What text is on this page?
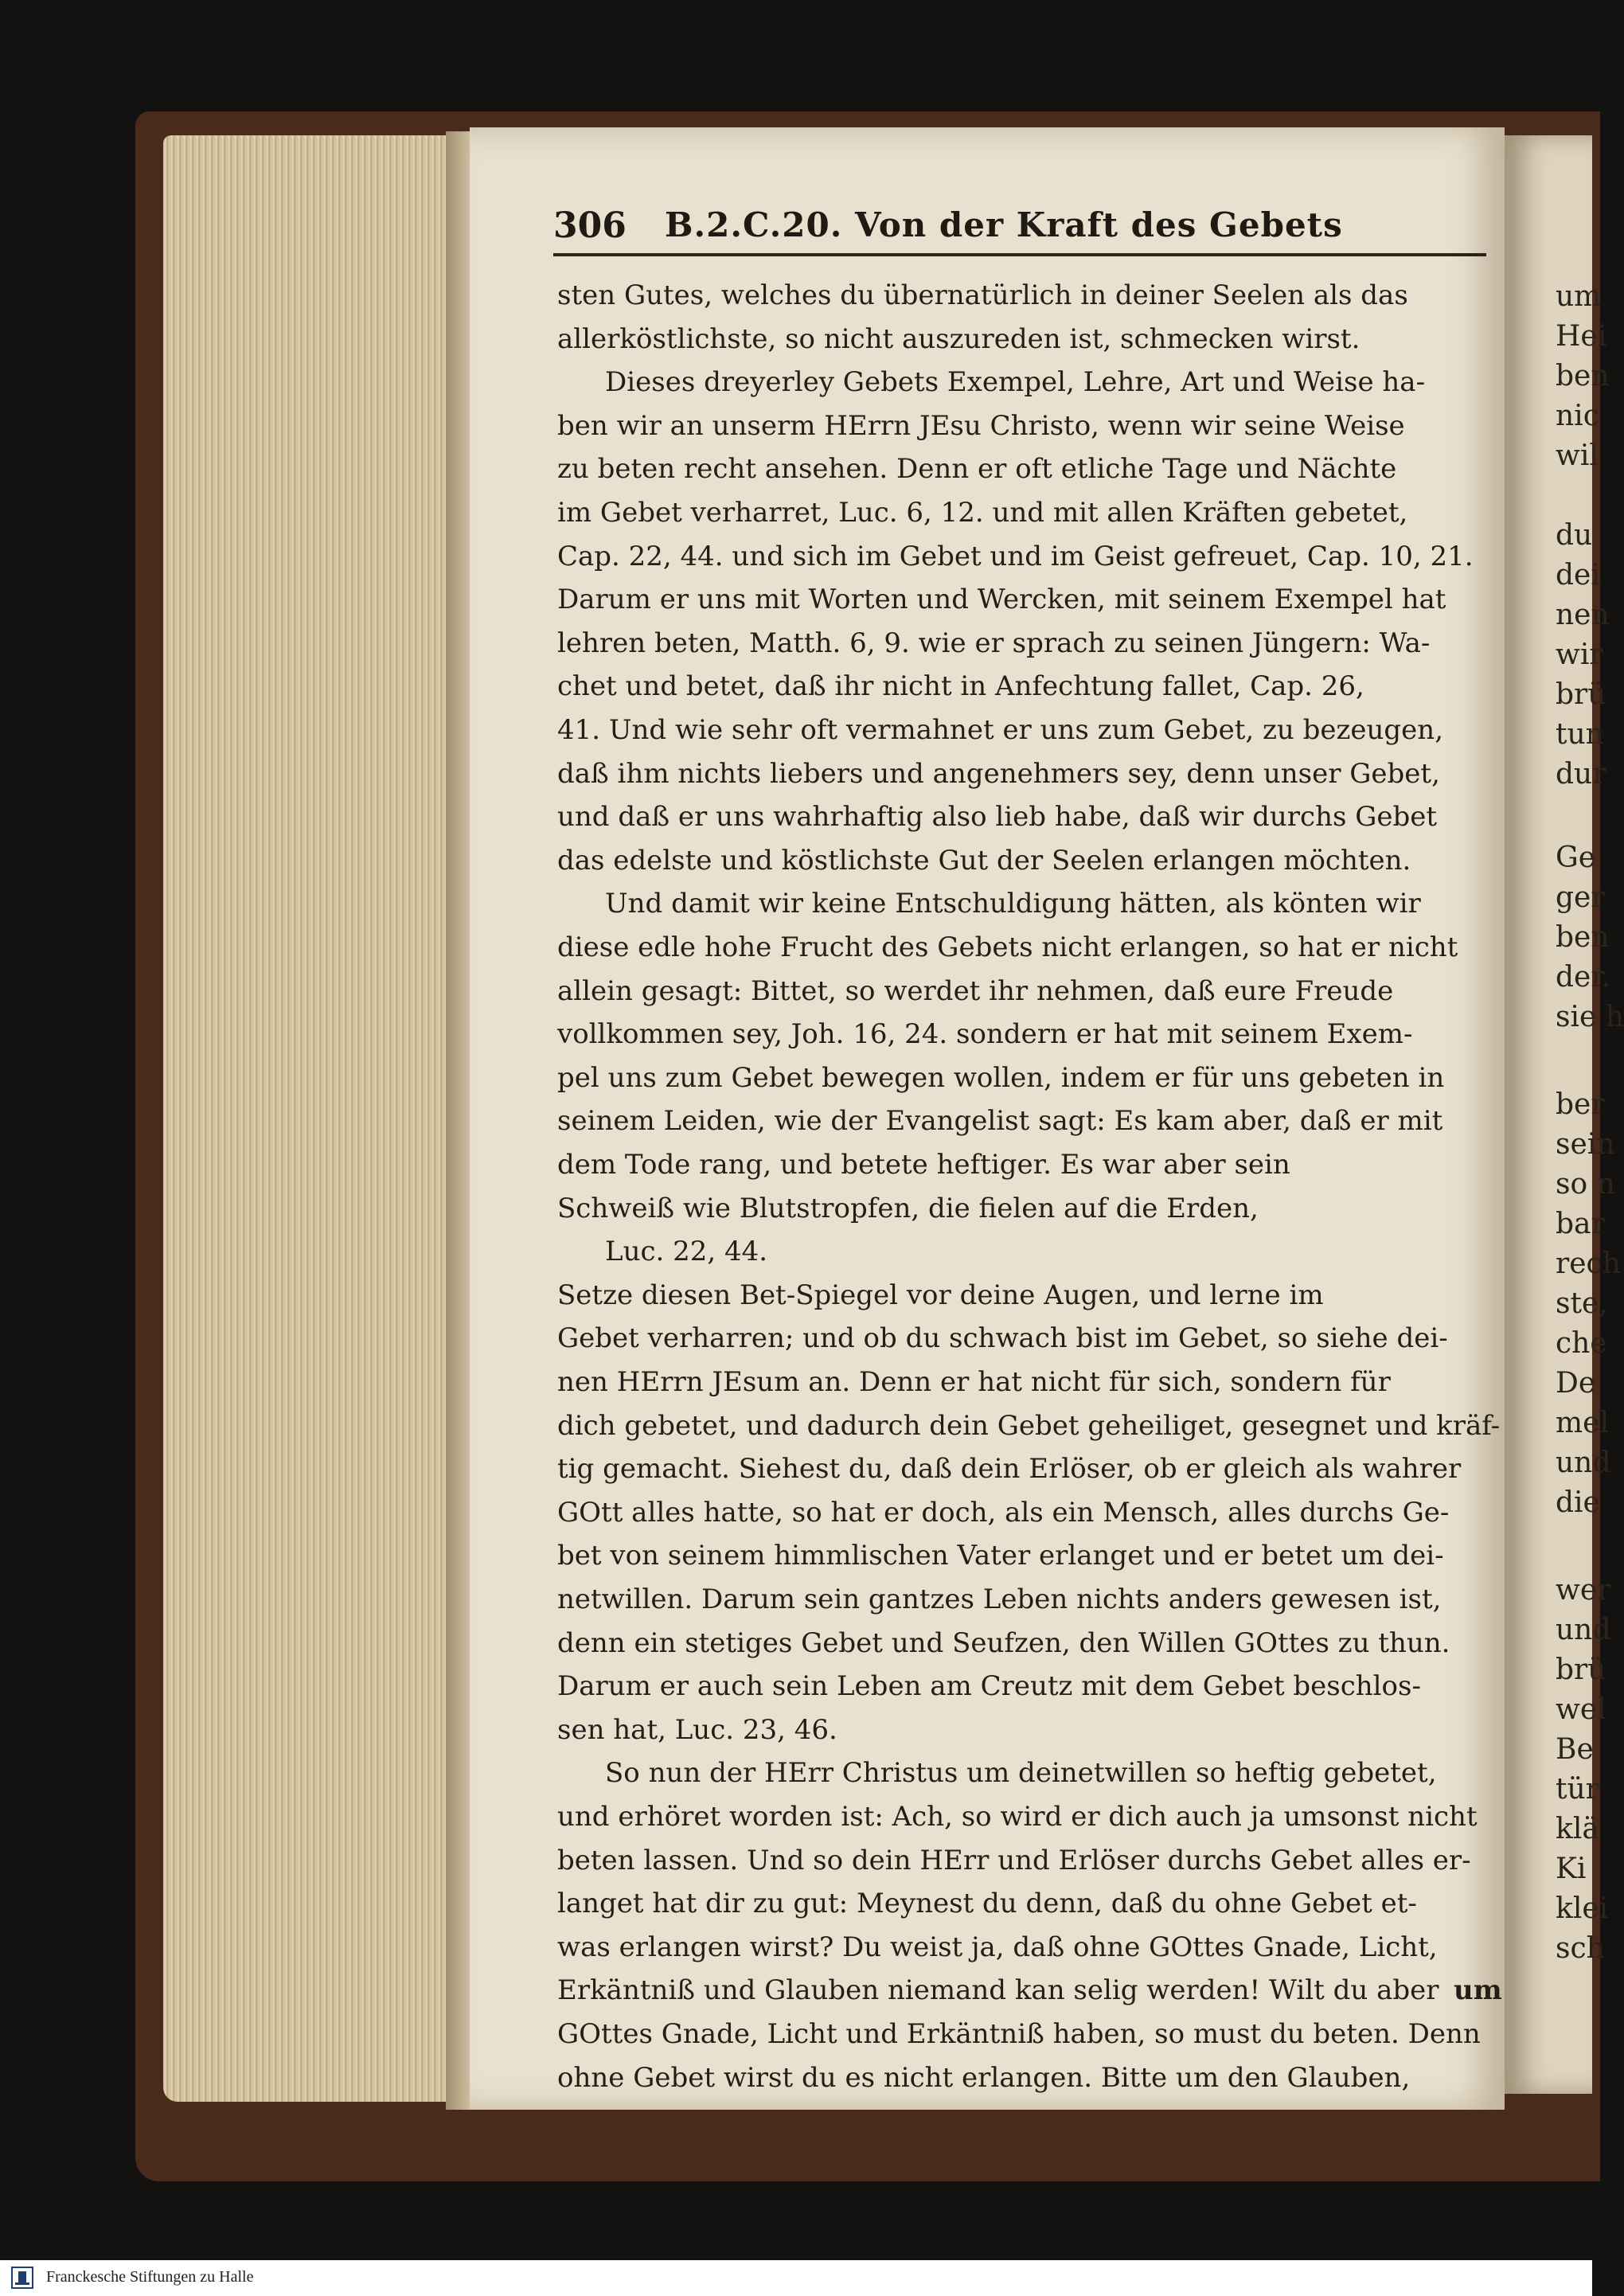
um
Hei
ben
nic
wil
du
dei
nen
wir
brü
tun
dur
Ge
ger
ben
der.
sie h
ber
sein
so n
bar
rech
ste,
che
De
mel
und
die
wer
und
brü
wel
Be
tür
klä
Ki
klei
sch
306 B.2.C.20. Von der Kraft des Gebets
sten Gutes, welches du übernatürlich in deiner Seelen als das
allerköstlichste, so nicht auszureden ist, schmecken wirst.
Dieses dreyerley Gebets Exempel, Lehre, Art und Weise ha-
ben wir an unserm HErrn JEsu Christo, wenn wir seine Weise
zu beten recht ansehen. Denn er oft etliche Tage und Nächte
im Gebet verharret, Luc. 6, 12. und mit allen Kräften gebetet,
Cap. 22, 44. und sich im Gebet und im Geist gefreuet, Cap. 10, 21.
Darum er uns mit Worten und Wercken, mit seinem Exempel hat
lehren beten, Matth. 6, 9. wie er sprach zu seinen Jüngern: Wa-
chet und betet, daß ihr nicht in Anfechtung fallet, Cap. 26,
41. Und wie sehr oft vermahnet er uns zum Gebet, zu bezeugen,
daß ihm nichts liebers und angenehmers sey, denn unser Gebet,
und daß er uns wahrhaftig also lieb habe, daß wir durchs Gebet
das edelste und köstlichste Gut der Seelen erlangen möchten.
Und damit wir keine Entschuldigung hätten, als könten wir
diese edle hohe Frucht des Gebets nicht erlangen, so hat er nicht
allein gesagt: Bittet, so werdet ihr nehmen, daß eure Freude
vollkommen sey, Joh. 16, 24. sondern er hat mit seinem Exem-
pel uns zum Gebet bewegen wollen, indem er für uns gebeten in
seinem Leiden, wie der Evangelist sagt: Es kam aber, daß er mit
dem Tode rang, und betete heftiger. Es war aber sein
Schweiß wie Blutstropfen, die fielen auf die Erden,
Luc. 22, 44.
Setze diesen Bet-Spiegel vor deine Augen, und lerne im
Gebet verharren; und ob du schwach bist im Gebet, so siehe dei-
nen HErrn JEsum an. Denn er hat nicht für sich, sondern für
dich gebetet, und dadurch dein Gebet geheiliget, gesegnet und kräf-
tig gemacht. Siehest du, daß dein Erlöser, ob er gleich als wahrer
GOtt alles hatte, so hat er doch, als ein Mensch, alles durchs Ge-
bet von seinem himmlischen Vater erlanget und er betet um dei-
netwillen. Darum sein gantzes Leben nichts anders gewesen ist,
denn ein stetiges Gebet und Seufzen, den Willen GOttes zu thun.
Darum er auch sein Leben am Creutz mit dem Gebet beschlos-
sen hat, Luc. 23, 46.
So nun der HErr Christus um deinetwillen so heftig gebetet,
und erhöret worden ist: Ach, so wird er dich auch ja umsonst nicht
beten lassen. Und so dein HErr und Erlöser durchs Gebet alles er-
langet hat dir zu gut: Meynest du denn, daß du ohne Gebet et-
was erlangen wirst? Du weist ja, daß ohne GOttes Gnade, Licht,
Erkäntniß und Glauben niemand kan selig werden! Wilt du aber
GOttes Gnade, Licht und Erkäntniß haben, so must du beten. Denn
ohne Gebet wirst du es nicht erlangen. Bitte um den Glauben,
um
Franckesche Stiftungen zu Halle
